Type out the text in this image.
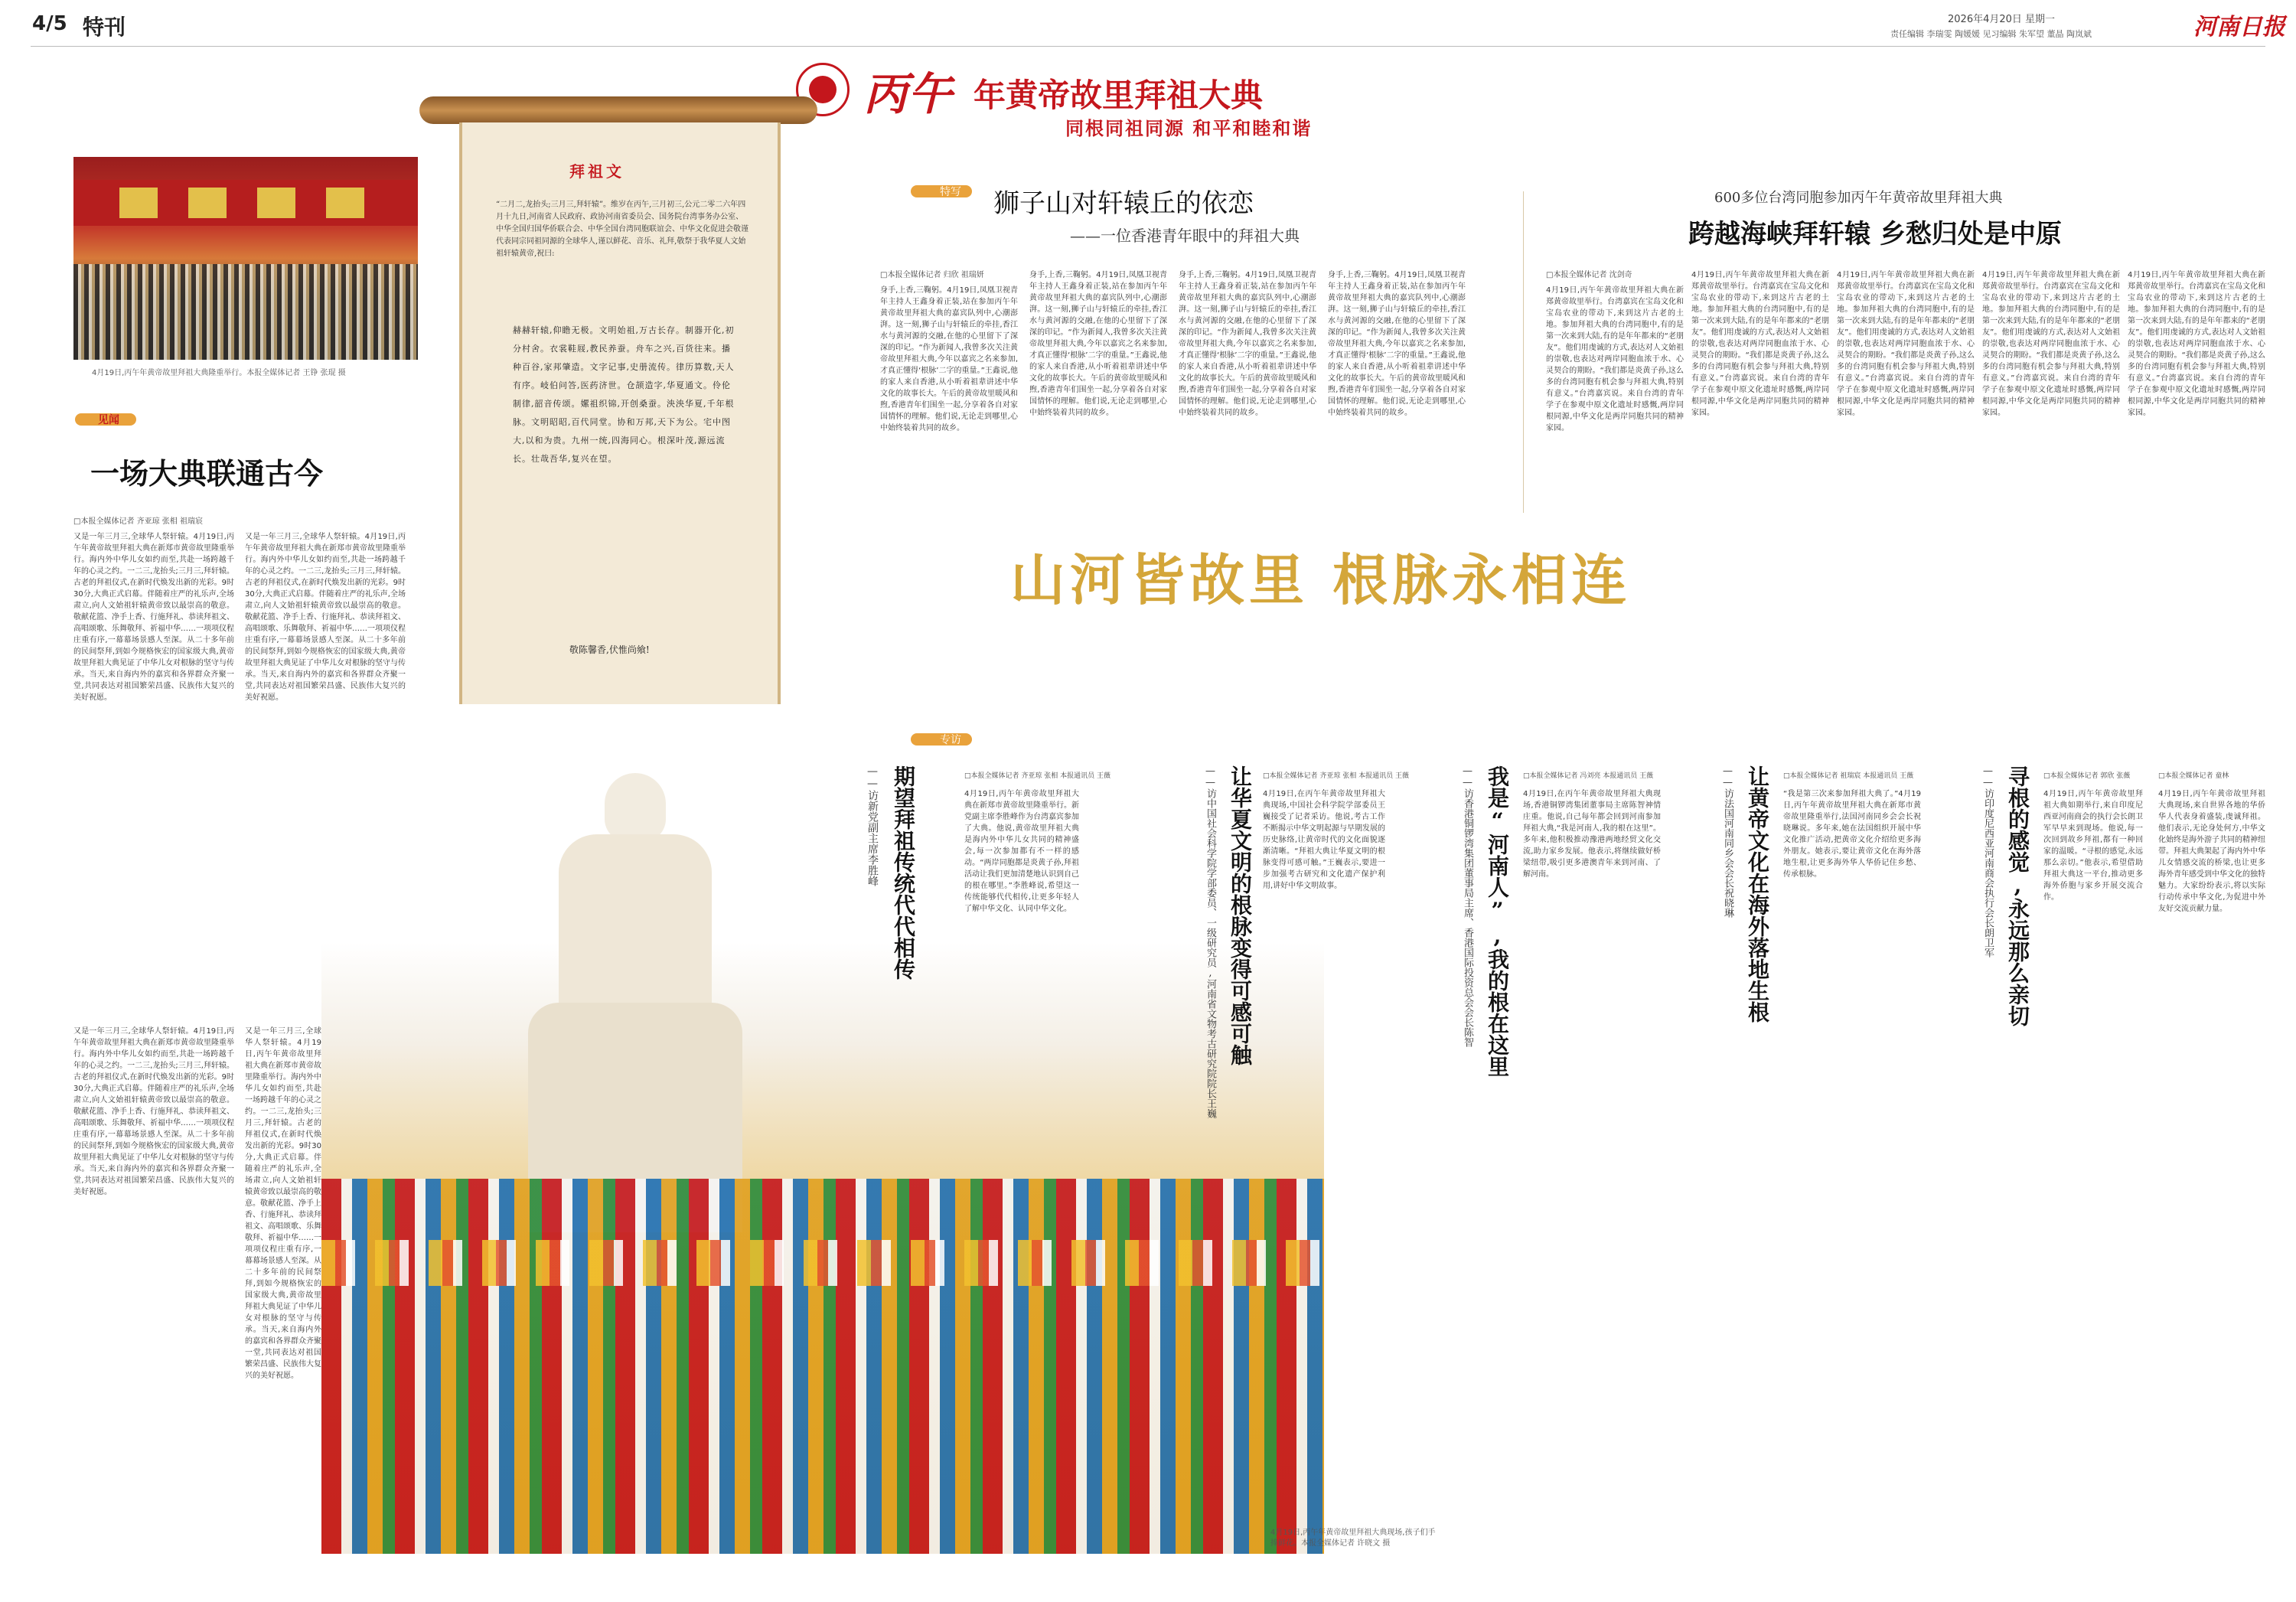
4/5 特刊	2026年4月20日 星期一
责任编辑 李瑞雯 陶媛媛 见习编辑 朱军望 董晶 陶岚斌	河南日报
丙午 年黄帝故里拜祖大典
同根同祖同源 和平和睦和谐
4月19日,丙午年黄帝故里拜祖大典隆重举行。本报全媒体记者 王铮 张琨 摄
见闻
一场大典联通古今
□本报全媒体记者 齐亚琼 张相 祖瑞宸
又是一年三月三,全球华人祭轩辕。4月19日,丙午年黄帝故里拜祖大典在新郑市黄帝故里隆重举行。海内外中华儿女如约而至,共赴一场跨越千年的心灵之约。一二三,龙抬头;三月三,拜轩辕。古老的拜祖仪式,在新时代焕发出新的光彩。9时30分,大典正式启幕。伴随着庄严的礼乐声,全场肃立,向人文始祖轩辕黄帝致以最崇高的敬意。敬献花篮、净手上香、行施拜礼、恭读拜祖文、高唱颂歌、乐舞敬拜、祈福中华……一项项仪程庄重有序,一幕幕场景感人至深。从二十多年前的民间祭拜,到如今规格恢宏的国家级大典,黄帝故里拜祖大典见证了中华儿女对根脉的坚守与传承。当天,来自海内外的嘉宾和各界群众齐聚一堂,共同表达对祖国繁荣昌盛、民族伟大复兴的美好祝愿。
又是一年三月三,全球华人祭轩辕。4月19日,丙午年黄帝故里拜祖大典在新郑市黄帝故里隆重举行。海内外中华儿女如约而至,共赴一场跨越千年的心灵之约。一二三,龙抬头;三月三,拜轩辕。古老的拜祖仪式,在新时代焕发出新的光彩。9时30分,大典正式启幕。伴随着庄严的礼乐声,全场肃立,向人文始祖轩辕黄帝致以最崇高的敬意。敬献花篮、净手上香、行施拜礼、恭读拜祖文、高唱颂歌、乐舞敬拜、祈福中华……一项项仪程庄重有序,一幕幕场景感人至深。从二十多年前的民间祭拜,到如今规格恢宏的国家级大典,黄帝故里拜祖大典见证了中华儿女对根脉的坚守与传承。当天,来自海内外的嘉宾和各界群众齐聚一堂,共同表达对祖国繁荣昌盛、民族伟大复兴的美好祝愿。
拜祖文
“二月二,龙抬头;三月三,拜轩辕”。维岁在丙午,三月初三,公元二零二六年四月十九日,河南省人民政府、政协河南省委员会、国务院台湾事务办公室、中华全国归国华侨联合会、中华全国台湾同胞联谊会、中华文化促进会敬谨代表同宗同祖同源的全球华人,谨以鲜花、音乐、礼拜,敬祭于我华夏人文始祖轩辕黄帝,祝曰:
赫赫轩辕,仰瞻无极。文明始祖,万古长存。制器开化,初分村舍。衣裳鞋屐,教民养蚕。舟车之兴,百货往来。播种百谷,家邦肇造。文字记事,史册流传。律历算数,天人有序。岐伯问答,医药济世。仓颉造字,华夏通文。伶伦制律,韶音传颂。嫘祖织锦,开创桑蚕。泱泱华夏,千年根脉。文明昭昭,百代同堂。协和万邦,天下为公。宅中图大,以和为贵。九州一统,四海同心。根深叶茂,源远流长。壮哉吾华,复兴在望。
敬陈馨香,伏惟尚飨!
特写 狮子山对轩辕丘的依恋
——一位香港青年眼中的拜祖大典
□本报全媒体记者 归欣 祖瑞妍
身手,上香,三鞠躬。4月19日,凤凰卫视青年主持人王鑫身着正装,站在参加丙午年黄帝故里拜祖大典的嘉宾队列中,心潮澎湃。这一刻,狮子山与轩辕丘的牵挂,香江水与黄河源的交融,在他的心里留下了深深的印记。“作为新闻人,我曾多次关注黄帝故里拜祖大典,今年以嘉宾之名来参加,才真正懂得‘根脉’二字的重量。”王鑫说,他的家人来自香港,从小听着祖辈讲述中华文化的故事长大。午后的黄帝故里暖风和煦,香港青年们围坐一起,分享着各自对家国情怀的理解。他们说,无论走到哪里,心中始终装着共同的故乡。
身手,上香,三鞠躬。4月19日,凤凰卫视青年主持人王鑫身着正装,站在参加丙午年黄帝故里拜祖大典的嘉宾队列中,心潮澎湃。这一刻,狮子山与轩辕丘的牵挂,香江水与黄河源的交融,在他的心里留下了深深的印记。“作为新闻人,我曾多次关注黄帝故里拜祖大典,今年以嘉宾之名来参加,才真正懂得‘根脉’二字的重量。”王鑫说,他的家人来自香港,从小听着祖辈讲述中华文化的故事长大。午后的黄帝故里暖风和煦,香港青年们围坐一起,分享着各自对家国情怀的理解。他们说,无论走到哪里,心中始终装着共同的故乡。
身手,上香,三鞠躬。4月19日,凤凰卫视青年主持人王鑫身着正装,站在参加丙午年黄帝故里拜祖大典的嘉宾队列中,心潮澎湃。这一刻,狮子山与轩辕丘的牵挂,香江水与黄河源的交融,在他的心里留下了深深的印记。“作为新闻人,我曾多次关注黄帝故里拜祖大典,今年以嘉宾之名来参加,才真正懂得‘根脉’二字的重量。”王鑫说,他的家人来自香港,从小听着祖辈讲述中华文化的故事长大。午后的黄帝故里暖风和煦,香港青年们围坐一起,分享着各自对家国情怀的理解。他们说,无论走到哪里,心中始终装着共同的故乡。
身手,上香,三鞠躬。4月19日,凤凰卫视青年主持人王鑫身着正装,站在参加丙午年黄帝故里拜祖大典的嘉宾队列中,心潮澎湃。这一刻,狮子山与轩辕丘的牵挂,香江水与黄河源的交融,在他的心里留下了深深的印记。“作为新闻人,我曾多次关注黄帝故里拜祖大典,今年以嘉宾之名来参加,才真正懂得‘根脉’二字的重量。”王鑫说,他的家人来自香港,从小听着祖辈讲述中华文化的故事长大。午后的黄帝故里暖风和煦,香港青年们围坐一起,分享着各自对家国情怀的理解。他们说,无论走到哪里,心中始终装着共同的故乡。
600多位台湾同胞参加丙午年黄帝故里拜祖大典
跨越海峡拜轩辕 乡愁归处是中原
□本报全媒体记者 沈剑奇
4月19日,丙午年黄帝故里拜祖大典在新郑黄帝故里举行。台湾嘉宾在宝岛文化和宝岛农业的带动下,来到这片古老的土地。参加拜祖大典的台湾同胞中,有的是第一次来到大陆,有的是年年都来的“老朋友”。他们用虔诚的方式,表达对人文始祖的崇敬,也表达对两岸同胞血浓于水、心灵契合的期盼。“我们都是炎黄子孙,这么多的台湾同胞有机会参与拜祖大典,特别有意义。”台湾嘉宾说。来自台湾的青年学子在参观中原文化遗址时感慨,两岸同根同源,中华文化是两岸同胞共同的精神家园。
4月19日,丙午年黄帝故里拜祖大典在新郑黄帝故里举行。台湾嘉宾在宝岛文化和宝岛农业的带动下,来到这片古老的土地。参加拜祖大典的台湾同胞中,有的是第一次来到大陆,有的是年年都来的“老朋友”。他们用虔诚的方式,表达对人文始祖的崇敬,也表达对两岸同胞血浓于水、心灵契合的期盼。“我们都是炎黄子孙,这么多的台湾同胞有机会参与拜祖大典,特别有意义。”台湾嘉宾说。来自台湾的青年学子在参观中原文化遗址时感慨,两岸同根同源,中华文化是两岸同胞共同的精神家园。
4月19日,丙午年黄帝故里拜祖大典在新郑黄帝故里举行。台湾嘉宾在宝岛文化和宝岛农业的带动下,来到这片古老的土地。参加拜祖大典的台湾同胞中,有的是第一次来到大陆,有的是年年都来的“老朋友”。他们用虔诚的方式,表达对人文始祖的崇敬,也表达对两岸同胞血浓于水、心灵契合的期盼。“我们都是炎黄子孙,这么多的台湾同胞有机会参与拜祖大典,特别有意义。”台湾嘉宾说。来自台湾的青年学子在参观中原文化遗址时感慨,两岸同根同源,中华文化是两岸同胞共同的精神家园。
4月19日,丙午年黄帝故里拜祖大典在新郑黄帝故里举行。台湾嘉宾在宝岛文化和宝岛农业的带动下,来到这片古老的土地。参加拜祖大典的台湾同胞中,有的是第一次来到大陆,有的是年年都来的“老朋友”。他们用虔诚的方式,表达对人文始祖的崇敬,也表达对两岸同胞血浓于水、心灵契合的期盼。“我们都是炎黄子孙,这么多的台湾同胞有机会参与拜祖大典,特别有意义。”台湾嘉宾说。来自台湾的青年学子在参观中原文化遗址时感慨,两岸同根同源,中华文化是两岸同胞共同的精神家园。
4月19日,丙午年黄帝故里拜祖大典在新郑黄帝故里举行。台湾嘉宾在宝岛文化和宝岛农业的带动下,来到这片古老的土地。参加拜祖大典的台湾同胞中,有的是第一次来到大陆,有的是年年都来的“老朋友”。他们用虔诚的方式,表达对人文始祖的崇敬,也表达对两岸同胞血浓于水、心灵契合的期盼。“我们都是炎黄子孙,这么多的台湾同胞有机会参与拜祖大典,特别有意义。”台湾嘉宾说。来自台湾的青年学子在参观中原文化遗址时感慨,两岸同根同源,中华文化是两岸同胞共同的精神家园。
山河皆故里 根脉永相连
4月19日,丙午年黄帝故里拜祖大典现场,孩子们手捧鲜花。本报全媒体记者 许晓文 摄
又是一年三月三,全球华人祭轩辕。4月19日,丙午年黄帝故里拜祖大典在新郑市黄帝故里隆重举行。海内外中华儿女如约而至,共赴一场跨越千年的心灵之约。一二三,龙抬头;三月三,拜轩辕。古老的拜祖仪式,在新时代焕发出新的光彩。9时30分,大典正式启幕。伴随着庄严的礼乐声,全场肃立,向人文始祖轩辕黄帝致以最崇高的敬意。敬献花篮、净手上香、行施拜礼、恭读拜祖文、高唱颂歌、乐舞敬拜、祈福中华……一项项仪程庄重有序,一幕幕场景感人至深。从二十多年前的民间祭拜,到如今规格恢宏的国家级大典,黄帝故里拜祖大典见证了中华儿女对根脉的坚守与传承。当天,来自海内外的嘉宾和各界群众齐聚一堂,共同表达对祖国繁荣昌盛、民族伟大复兴的美好祝愿。
又是一年三月三,全球华人祭轩辕。4月19日,丙午年黄帝故里拜祖大典在新郑市黄帝故里隆重举行。海内外中华儿女如约而至,共赴一场跨越千年的心灵之约。一二三,龙抬头;三月三,拜轩辕。古老的拜祖仪式,在新时代焕发出新的光彩。9时30分,大典正式启幕。伴随着庄严的礼乐声,全场肃立,向人文始祖轩辕黄帝致以最崇高的敬意。敬献花篮、净手上香、行施拜礼、恭读拜祖文、高唱颂歌、乐舞敬拜、祈福中华……一项项仪程庄重有序,一幕幕场景感人至深。从二十多年前的民间祭拜,到如今规格恢宏的国家级大典,黄帝故里拜祖大典见证了中华儿女对根脉的坚守与传承。当天,来自海内外的嘉宾和各界群众齐聚一堂,共同表达对祖国繁荣昌盛、民族伟大复兴的美好祝愿。
专访
期望拜祖传统代代相传
——访新党副主席李胜峰	□本报全媒体记者 齐亚琼 张相 本报通讯员 王薇
4月19日,丙午年黄帝故里拜祖大典在新郑市黄帝故里隆重举行。新党副主席李胜峰作为台湾嘉宾参加了大典。他说,黄帝故里拜祖大典是海内外中华儿女共同的精神盛会,每一次参加都有不一样的感动。“两岸同胞都是炎黄子孙,拜祖活动让我们更加清楚地认识到自己的根在哪里。”李胜峰说,希望这一传统能够代代相传,让更多年轻人了解中华文化、认同中华文化。	让华夏文明的根脉变得可感可触
——访中国社会科学院学部委员、一级研究员,河南省文物考古研究院院长王巍	□本报全媒体记者 齐亚琼 张相 本报通讯员 王薇
4月19日,在丙午年黄帝故里拜祖大典现场,中国社会科学院学部委员王巍接受了记者采访。他说,考古工作不断揭示中华文明起源与早期发展的历史脉络,让黄帝时代的文化面貌逐渐清晰。“拜祖大典让华夏文明的根脉变得可感可触。”王巍表示,要进一步加强考古研究和文化遗产保护利用,讲好中华文明故事。	我是“河南人”,我的根在这里
——访香港铜锣湾集团董事局主席、香港国际投资总会会长陈智	□本报全媒体记者 冯刘亮 本报通讯员 王薇
4月19日,在丙午年黄帝故里拜祖大典现场,香港铜锣湾集团董事局主席陈智神情庄重。他说,自己每年都会回到河南参加拜祖大典,“我是河南人,我的根在这里”。多年来,他积极推动豫港两地经贸文化交流,助力家乡发展。他表示,将继续做好桥梁纽带,吸引更多港澳青年来到河南、了解河南。	让黄帝文化在海外落地生根
——访法国河南同乡会会长祝晓琳	□本报全媒体记者 祖瑞宸 本报通讯员 王薇
“我是第三次来参加拜祖大典了。”4月19日,丙午年黄帝故里拜祖大典在新郑市黄帝故里隆重举行,法国河南同乡会会长祝晓琳说。多年来,她在法国组织开展中华文化推广活动,把黄帝文化介绍给更多海外朋友。她表示,要让黄帝文化在海外落地生根,让更多海外华人华侨记住乡愁、传承根脉。	寻根的感觉,永远那么亲切
——访印度尼西亚河南商会执行会长朗卫军	□本报全媒体记者 郭欣 张薇
4月19日,丙午年黄帝故里拜祖大典如期举行,来自印度尼西亚河南商会的执行会长朗卫军早早来到现场。他说,每一次回到故乡拜祖,都有一种回家的温暖。“寻根的感觉,永远那么亲切。”他表示,希望借助拜祖大典这一平台,推动更多海外侨胞与家乡开展交流合作。
□本报全媒体记者 童林
4月19日,丙午年黄帝故里拜祖大典现场,来自世界各地的华侨华人代表身着盛装,虔诚拜祖。他们表示,无论身处何方,中华文化始终是海外游子共同的精神纽带。拜祖大典架起了海内外中华儿女情感交流的桥梁,也让更多海外青年感受到中华文化的独特魅力。大家纷纷表示,将以实际行动传承中华文化,为促进中外友好交流贡献力量。
